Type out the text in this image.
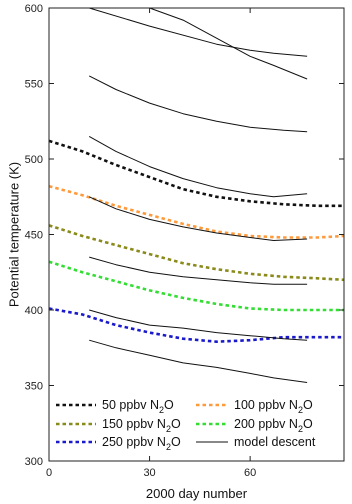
300
350
400
450
500
550
600
0	30	60
50 ppbv $N_2O$	100 ppbv $N_2O$
150 ppbv $N_2O$	200 ppbv $N_2O$
250 ppbv $N_2O$	model descent
2000 day number
Potential temperature (K)
